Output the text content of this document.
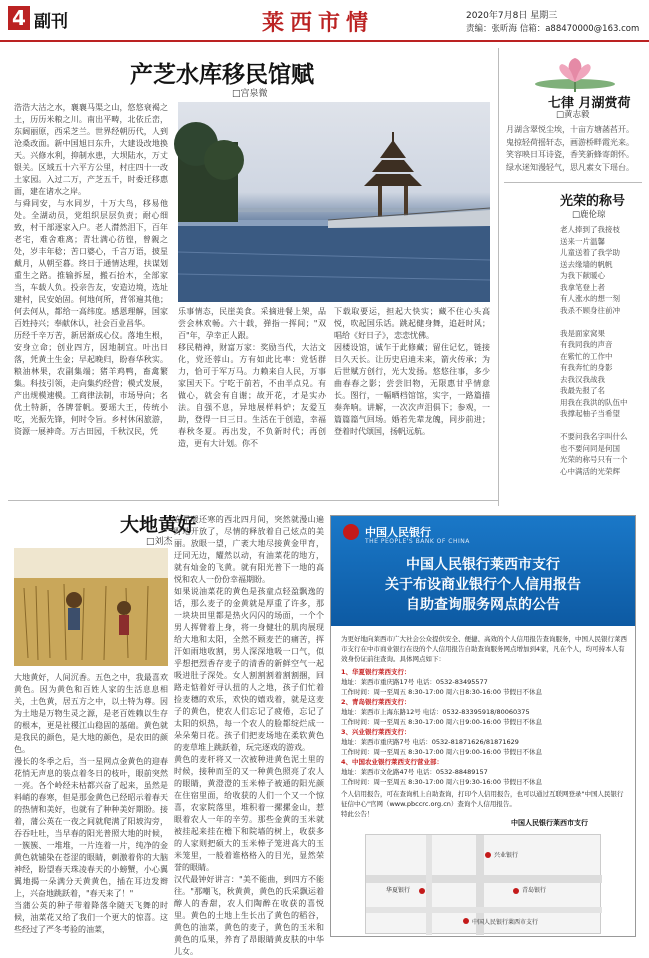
4 副刊	莱西市情	2020年7月8日 星期三
责编：张昕海 信箱：a88470000@163.com
产芝水库移民馆赋
□宫泉微
浩浩大沽之水，襄襄马渠之山，悠悠衰褐之土，历历米粮之川。南出平畴，北依丘峦，东阔丽原，西采芝兰。世界经朝历代，人到沧桑改面。新中国旭日东升，大建设改地换天。兴修水利，抑制水患，大坝陆水，万丈银关。区域五十六平方公里，村庄四十一改土家园。入过二万，产芝五千，时委迁移惠面，建在诸水之岸。
与舜同安，与水同岁，十万大鸟，移易他处。全湖动员，党组织层层负责；耐心细致，村干部逐家入户。老人潸然泪下，百年老宅，难舍难离；青壮满心彷徨，曾親之处，岁丰年稔；苦口婆心，千言万语，披星戴月，从朝至暮。终日于通情达理，扶谋划重生之路。推输拆屋，搬石抬木，全部家当，车载人负。投亲告友，安造边境，选址建村，民安始固。何地何所，背邻遍其他；何去何从，都给一高纬度。感恩理解，国家百姓持兴；奉献休认，社会百业昌华。
历经千辛万苦，新居渐成心仪。落地生根，安身立命；创业四方，因地制宜。叶出日落，凭黄土生金；早起晚归，盼春华秋实。粮油林果，农副集端；猪羊鸡鸭，畜禽繁集。科技引领，走向集约经营；模式发展，产出规模速模。工商律法制，市场导向；名优土特新，各牌誉帆。要瑶大王，传统小吃，光振先锋，何时令旨。乡村休闲旅游，资源一展神奇。万古田园，千秋汉民，凭
乐事情态，民崖美食。采摘进餐上架，品尝会林欢畅。六十载，弹指一挥间；"双百"年，孕幸正人跟。
移民精神，财富万家：奖励当代，大沽文化，党还蓉山。方有如此比率：党恬群力，恰可于军万马。力赖来自人民，万事家国天下。宁吃于前若，不由半点兑。有做心，就会有自谢；故开花，才是实办法。自强不息，异地展样料炉；友爱互助，登得一日三日。生活在于创造，幸福春秋冬夏。再出发，不负新时代；再创造，更有大计划。你不
下载取要运，担起大快实；藏不住心头高悦，吹起国乐话。跳起健身舞，追赶时风；唱给《好日子》，恋恋忧佛。
因楼设馆，诚乍于此修藏；留住记忆，链接日久天长。让历史启迪未来，箭火传承；为后世赋方创行，光大发扬。悠悠往事，多少曲春春之影；尝尝旧物，无限惠甘乎情意长。图行，一幅晒档馆馆，实字，一路篇描奏奔响。讲解，一次次声泪俱下；参观，一篇篇篇气回场。婚若先辈龙魄，同步前进；登着时代颂国，扬帆远航。
七律 月湖赏荷
□黄志毅
月湖含翠悦尘埃，十亩方塘菡萏开。
鬼掠轻荷摇轩态，画游桥畔霞光来。
笑容映日耳诗瓷，香笑新蜂寄朗怀。
绿水迷知漫轻气，思凡素女下瑶台。
光荣的称号
□鹿伦琼
老人捧到了我接枝
送来一片温馨
儿童送着了我学助
送去缘墙的帆帆
为我下献暖心
我拿笔登上者
有人涨水的想一刻
我杀不顾身往前冲

我是面家窝果
有我同我的声音
在紫忙的工作中
有我奔忙的身影
去我汉我战我
我最先报了名
用我在我洪的队伍中
我撑起柚子当希望

不要问我名字叫什么
也不要问同是何国
光荣的称号只有一个
心中满活的光荣辉
大地黄好
□刘杰
大地黄好，人间沉香。五色之中，我最喜欢黄色。因为黄色和百姓人家的生活息息相关，土色黄，居五方之中，以土特为尊。因为土地是万物生灵之源，是老百姓赖以生存的根本，更是社稷江山稳固的基础。黄色就是我民的颜色，是大地的颜色，是农田的颜色。
漫长的冬季之后，当一星网点金黄色的迎春花悄无声息的装点着冬日的枝叶，眼前突然一亮。各个岭经未枯都兴奋了起来，虽然是料峭的春寒，但是那金黄色已经昭示着春天的热情和美好，也就有了种种美好期盼。接着，蒲公英在一夜之间就爬满了阳坡沟旁，吞吞吐吐，当早春的阳光普照大地的时候，一簇簇、一堆堆，一片连着一片，纯净的金黄色就铺染在苍涩的眼睛，刺激着你的大脑神经，盼望春天珠凌春天的小螃蟹，小心翼翼地揭一朵满分天黄黄色，插在耳边发辫上，兴奋地跳跃着，"春天来了！"
当蒲公英的种子带着降落伞随天飞舞的时候，油菜花又给了我们一个更大的惊喜。这些经过了严冬考验的油菜，
在早暖还寒的西北四月间，突然就漫山遍野地开放了，尽情的释放着自己炫点的美丽。放眼一望，广袤大地尽接黄金甲育，迂同无边，耀然以动，有油菜花的地方，就有灿金的飞黄。就有阳光普下一地的高悦和农人一份份幸福期盼。
如果说油菜花的黄色是孩童点轻盈飘逸的话，那么麦子的金黄就是厚重了许多，那一块块田里都是热火闪闪的场面，一个个男人挥臂着上身，将一身健壮的肌肉展现给大地和太阳，全然不顾麦芒的痛苦，挥汗如雨地收割，男人深深地吸一口气，似乎想把烈香存麦子的清香的新鲜空气一起吸进肚子深处。女人割割割着割割捆，回路走惦着好寻认扭的人之地，孩子们忙着捡麦穗的欢乐，欢快的嬉戏着，就是这麦子的黄色，使农人们忘记了疲倦，忘记了太阳的炽热，每一个农人的脸都绽烂成一朵朵菊日花。孩子们把麦场地在柔软黄色的麦草堆上跳跃着，玩完逐戏的游戏。
黄色的麦秆将又一次被种进黄色泥土里的时候，接种而至的又一种黄色照亮了农人的眼睛，黄澄澄的玉米棒子被通的阳光颜在住宿里面，给收获的人们一个又一个惊喜，农家院落里，堆积着一摞摞金山，惹眼着农人一年的辛劳。那些金黄的玉米就被挂起来挂在檐下和院墙的树上，收获多的人家则把硕大的玉米棒子笼进高大的玉米笼里，一般着谁格格入的目光，显然荣誉的眼睛。
汉代最钟好讲言："美不能曲，到四方不能往。"那嘲飞，秋黄黄，黄色的氏采飘运着醇人的香甜，农人们陶醉在收获的喜悦里。黄色的土地上生长出了黄色的稻谷，黄色的油菜，黄色的麦子，黄色的玉米和黄色的瓜果，养育了昂眼睛黄皮肤的中华儿女。
中国人民银行
THE PEOPLE'S BANK OF CHINA
中国人民银行莱西市支行
关于布设商业银行个人信用报告
自助查询服务网点的公告
为更好地向莱西市广大社会公众提供安全、便捷、高效的个人信用报告查询服务，中国人民银行莱西市支行在中市商业银行在设的个人信用报告自助查询服务网点增加到4家，凡在个人，均可持本人有效身份证前往查询。具体网点如下：
1、华夏银行莱西支行：
地址：莱西市重庆路17号 电话：0532-83495577
工作时间：周一至周五 8:30-17:00 周六日8:30-16:00 节假日不休息
2、青岛银行莱西支行：
地址：莱西市上海东路12号 电话：0532-83395918/80060375
工作时间：周一至周五 8:30-17:00 周六日9:00-16:00 节假日不休息
3、兴业银行莱西支行：
地址：莱西市重庆路7号 电话：0532-81871626/81871629
工作时间：周一至周五 8:30-17:00 周六日9:00-16:00 节假日不休息
4、中国农业银行莱西支行营业部：
地址：莱西市文化路47号 电话：0532-88489157
工作时间：周一至周五 8:30-17:00 周六日9:30-16:00 节假日不休息
个人信用报告，可在查询机上自助查询，打印个人信用报告，也可以通过互联网登录"中国人民银行征信中心"官网（www.pbccrc.org.cn）查询个人信用报告。
特此公告！
中国人民银行莱西市支行
兴业银行
华夏银行	青岛银行
中国人民银行莱西市支行
